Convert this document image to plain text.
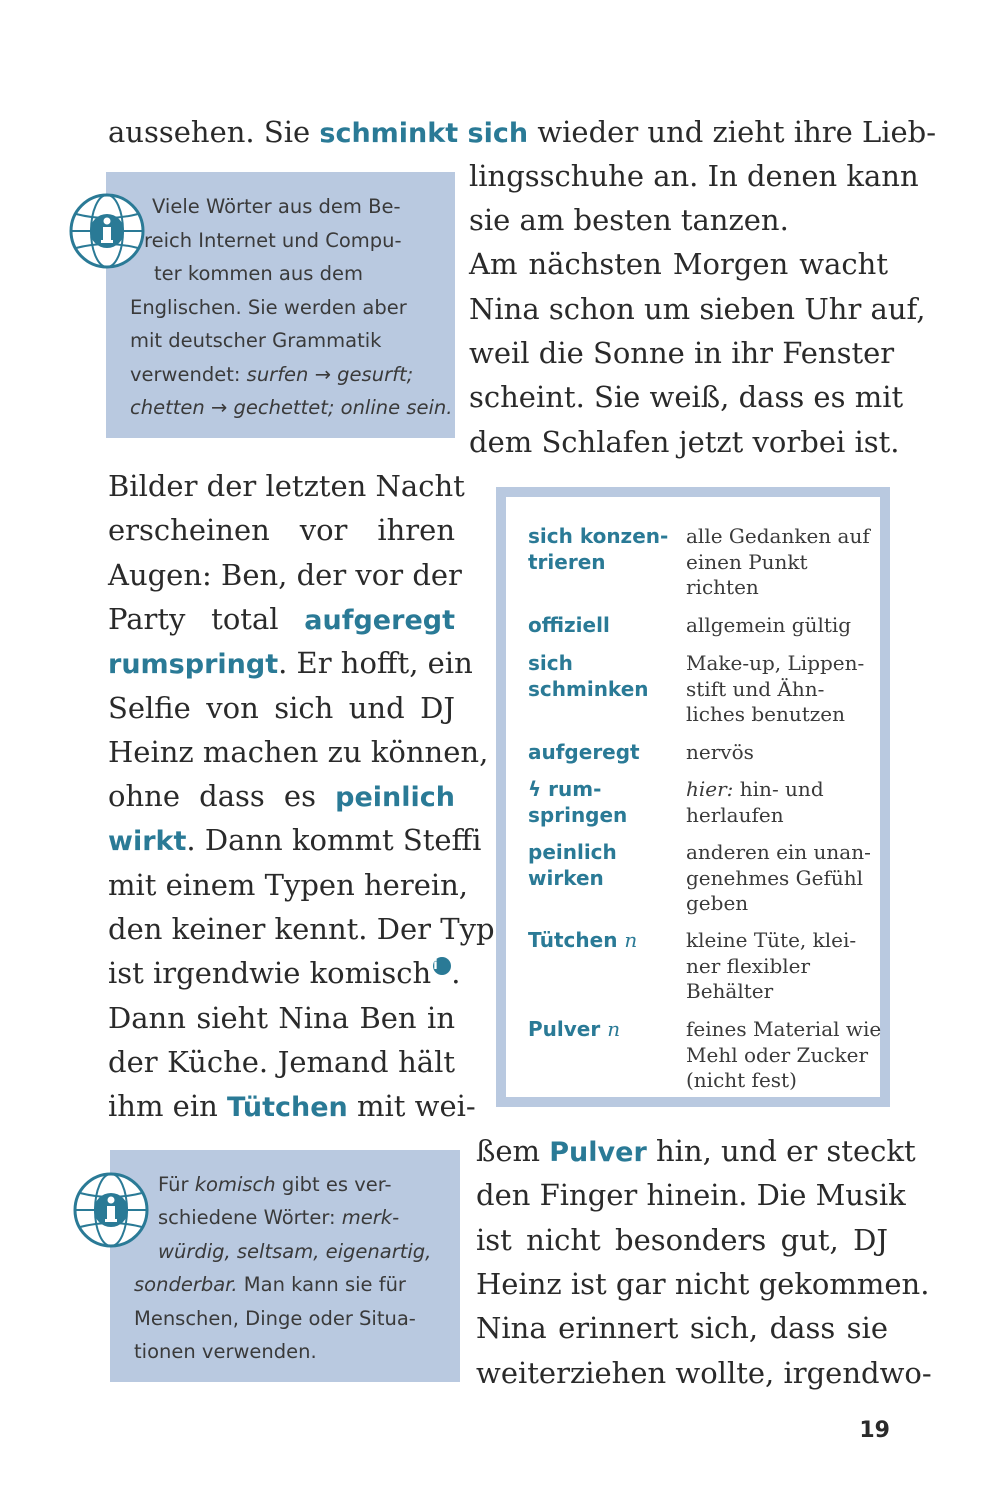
aussehen. Sie schminkt sich wieder und zieht ihre Lieb-
lingsschuhe an. In denen kann
sie am besten tanzen.
Am nächsten Morgen wacht
Nina schon um sieben Uhr auf,
weil die Sonne in ihr Fenster
scheint. Sie weiß, dass es mit
dem Schlafen jetzt vorbei ist.
Bilder der letzten Nacht
erscheinen vor ihren
Augen: Ben, der vor der
Party total aufgeregt
rumspringt. Er hofft, ein
Selfie von sich und DJ
Heinz machen zu können,
ohne dass es peinlich
wirkt. Dann kommt Steffi
mit einem Typen herein,
den keiner kennt. Der Typ
ist irgendwie komisch i .
Dann sieht Nina Ben in
der Küche. Jemand hält
ihm ein Tütchen mit wei-
ßem Pulver hin, und er steckt
den Finger hinein. Die Musik
ist nicht besonders gut, DJ
Heinz ist gar nicht gekommen.
Nina erinnert sich, dass sie
weiterziehen wollte, irgendwo-
Viele Wörter aus dem Be-
reich Internet und Compu-
ter kommen aus dem
Englischen. Sie werden aber
mit deutscher Grammatik
verwendet: surfen → gesurft;
chetten → gechettet; online sein.
Für komisch gibt es ver-
schiedene Wörter: merk-
würdig, seltsam, eigenartig,
sonderbar. Man kann sie für
Menschen, Dinge oder Situa-
tionen verwenden.
sich konzen-
trieren
alle Gedanken auf
einen Punkt
richten
offiziell	allgemein gültig
sich
schminken
Make-up, Lippen-
stift und Ähn-
liches benutzen
aufgeregt nervös
ϟ rum-
springen
hier: hin- und
herlaufen
peinlich
wirken
anderen ein unan-
genehmes Gefühl
geben
Tütchen n kleine Tüte, klei-
ner flexibler
Behälter
Pulver n	feines Material wie
Mehl oder Zucker
(nicht fest)
19
